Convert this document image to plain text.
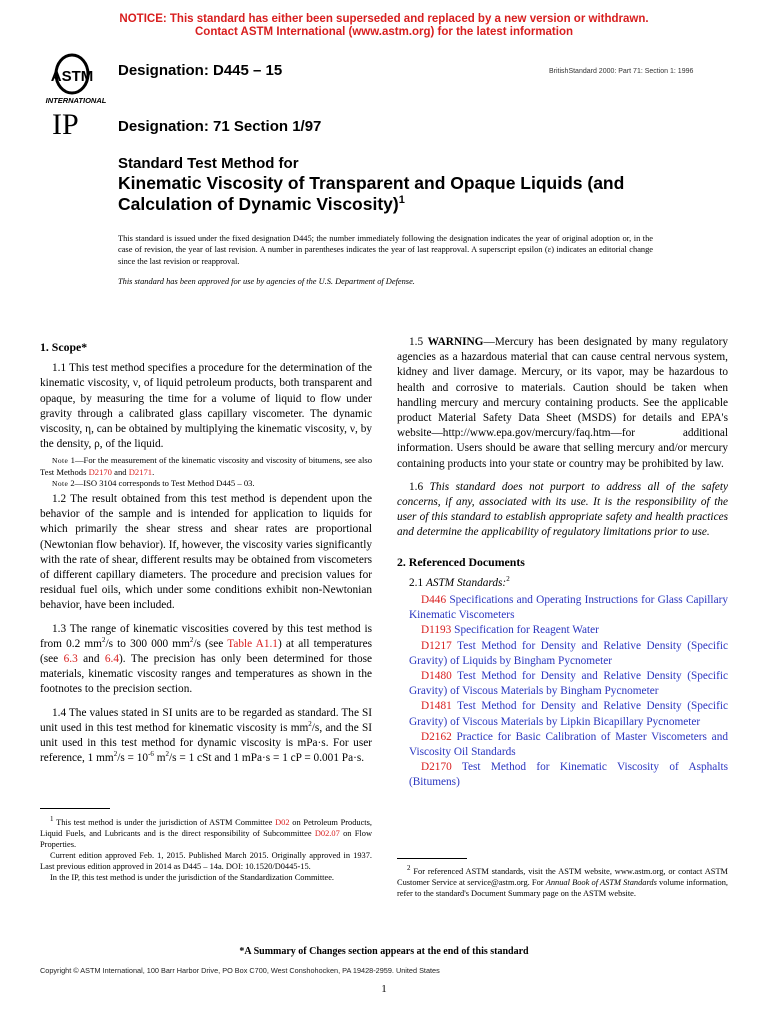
NOTICE: This standard has either been superseded and replaced by a new version or withdrawn.
Contact ASTM International (www.astm.org) for the latest information
ASTM
INTERNATIONAL
Designation: D445 – 15	BritishStandard 2000: Part 71: Section 1: 1996
IP	Designation: 71 Section 1/97
Standard Test Method for
Kinematic Viscosity of Transparent and Opaque Liquids (and Calculation of Dynamic Viscosity)$^1$
This standard is issued under the fixed designation D445; the number immediately following the designation indicates the year of original adoption or, in the case of revision, the year of last revision. A number in parentheses indicates the year of last reapproval. A superscript epsilon (ε) indicates an editorial change since the last revision or reapproval.
This standard has been approved for use by agencies of the U.S. Department of Defense.
1. Scope*

1.1 This test method specifies a procedure for the determination of the kinematic viscosity, ν, of liquid petroleum products, both transparent and opaque, by measuring the time for a volume of liquid to flow under gravity through a calibrated glass capillary viscometer. The dynamic viscosity, η, can be obtained by multiplying the kinematic viscosity, ν, by the density, ρ, of the liquid.

Note 1—For the measurement of the kinematic viscosity and viscosity of bitumens, see also Test Methods D2170 and D2171.

Note 2—ISO 3104 corresponds to Test Method D445 – 03.

1.2 The result obtained from this test method is dependent upon the behavior of the sample and is intended for application to liquids for which primarily the shear stress and shear rates are proportional (Newtonian flow behavior). If, however, the viscosity varies significantly with the rate of shear, different results may be obtained from viscometers of different capillary diameters. The procedure and precision values for residual fuel oils, which under some conditions exhibit non-Newtonian behavior, have been included.

1.3 The range of kinematic viscosities covered by this test method is from 0.2 $mm^2/s$ to 300 000 $mm^2/s$ (see Table A1.1) at all temperatures (see 6.3 and 6.4). The precision has only been determined for those materials, kinematic viscosity ranges and temperatures as shown in the footnotes to the precision section.

1.4 The values stated in SI units are to be regarded as standard. The SI unit used in this test method for kinematic viscosity is $mm^2/s$, and the SI unit used in this test method for dynamic viscosity is mPa·s. For user reference, 1 $mm^2/s = 10^{-6}$ $m^2/s = 1$ cSt and 1 mPa·s = 1 cP = 0.001 Pa·s.

$^1$ This test method is under the jurisdiction of ASTM Committee D02 on Petroleum Products, Liquid Fuels, and Lubricants and is the direct responsibility of Subcommittee D02.07 on Flow Properties.

Current edition approved Feb. 1, 2015. Published March 2015. Originally approved in 1937. Last previous edition approved in 2014 as D445 – 14a. DOI: 10.1520/D0445-15.

In the IP, this test method is under the jurisdiction of the Standardization Committee.

1.5 WARNING—Mercury has been designated by many regulatory agencies as a hazardous material that can cause central nervous system, kidney and liver damage. Mercury, or its vapor, may be hazardous to health and corrosive to materials. Caution should be taken when handling mercury and mercury containing products. See the applicable product Material Safety Data Sheet (MSDS) for details and EPA's website—http://www.epa.gov/mercury/faq.htm—for additional information. Users should be aware that selling mercury and/or mercury containing products into your state or country may be prohibited by law.

1.6 This standard does not purport to address all of the safety concerns, if any, associated with its use. It is the responsibility of the user of this standard to establish appropriate safety and health practices and determine the applicability of regulatory limitations prior to use.

2. Referenced Documents

2.1 ASTM Standards:$^2$

D446 Specifications and Operating Instructions for Glass Capillary Kinematic Viscometers

D1193 Specification for Reagent Water

D1217 Test Method for Density and Relative Density (Specific Gravity) of Liquids by Bingham Pycnometer

D1480 Test Method for Density and Relative Density (Specific Gravity) of Viscous Materials by Bingham Pycnometer

D1481 Test Method for Density and Relative Density (Specific Gravity) of Viscous Materials by Lipkin Bicapillary Pycnometer

D2162 Practice for Basic Calibration of Master Viscometers and Viscosity Oil Standards

D2170 Test Method for Kinematic Viscosity of Asphalts (Bitumens)

$^2$ For referenced ASTM standards, visit the ASTM website, www.astm.org, or contact ASTM Customer Service at service@astm.org. For Annual Book of ASTM Standards volume information, refer to the standard's Document Summary page on the ASTM website.

*A Summary of Changes section appears at the end of this standard
Copyright © ASTM International, 100 Barr Harbor Drive, PO Box C700, West Conshohocken, PA 19428-2959. United States
1
